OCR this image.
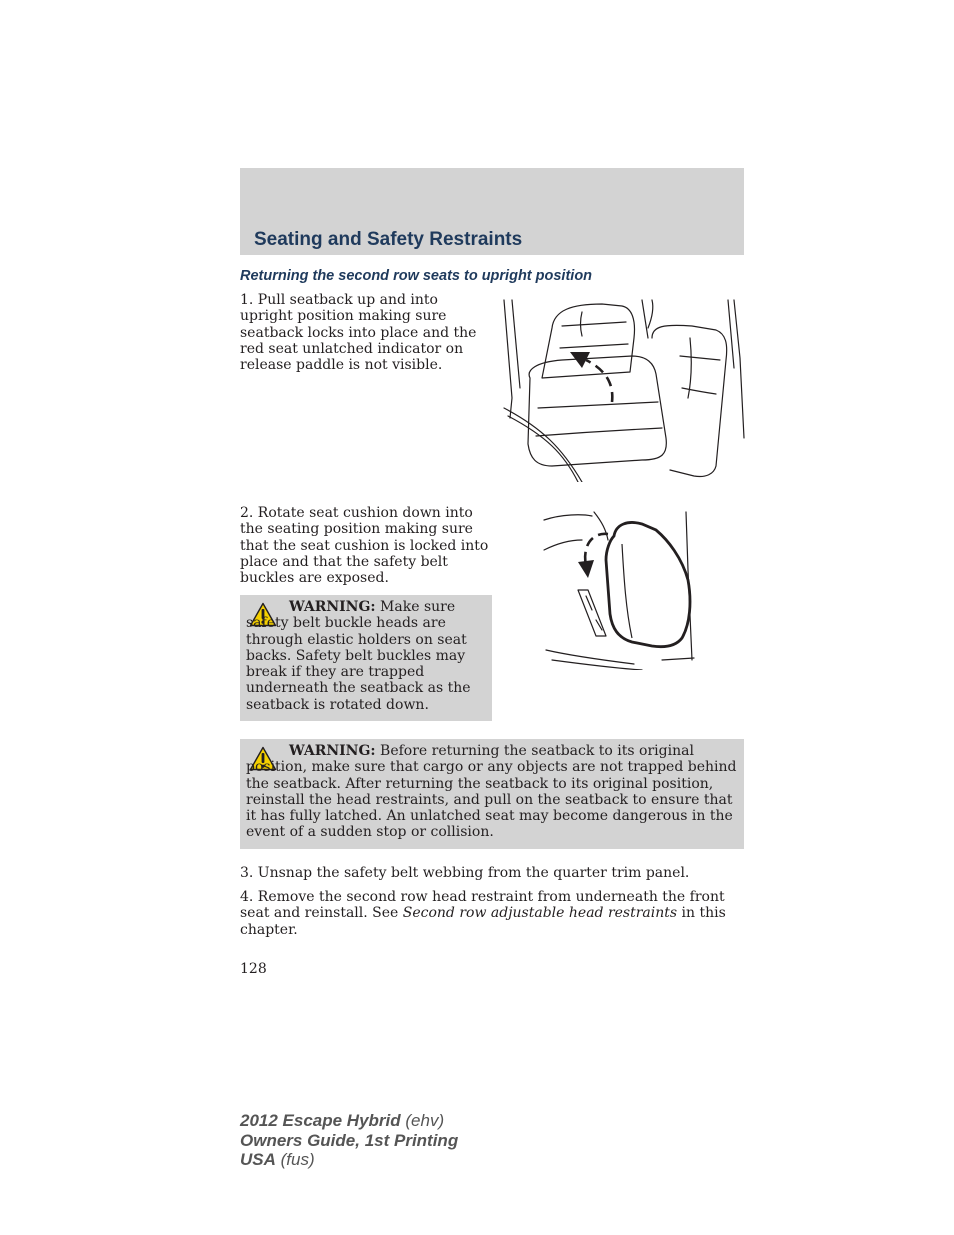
Seating and Safety Restraints
Returning the second row seats to upright position

1. Pull seatback up and into upright position making sure seatback locks into place and the red seat unlatched indicator on release paddle is not visible.

2. Rotate seat cushion down into the seating position making sure that the seat cushion is locked into place and that the safety belt buckles are exposed.

WARNING: Make sure safety belt buckle heads are through elastic holders on seat backs. Safety belt buckles may break if they are trapped underneath the seatback as the seatback is rotated down.

WARNING: Before returning the seatback to its original position, make sure that cargo or any objects are not trapped behind the seatback. After returning the seatback to its original position, reinstall the head restraints, and pull on the seatback to ensure that it has fully latched. An unlatched seat may become dangerous in the event of a sudden stop or collision.

3. Unsnap the safety belt webbing from the quarter trim panel.

4. Remove the second row head restraint from underneath the front seat and reinstall. See Second row adjustable head restraints in this chapter.

128
2012 Escape Hybrid (ehv)
Owners Guide, 1st Printing
USA (fus)
